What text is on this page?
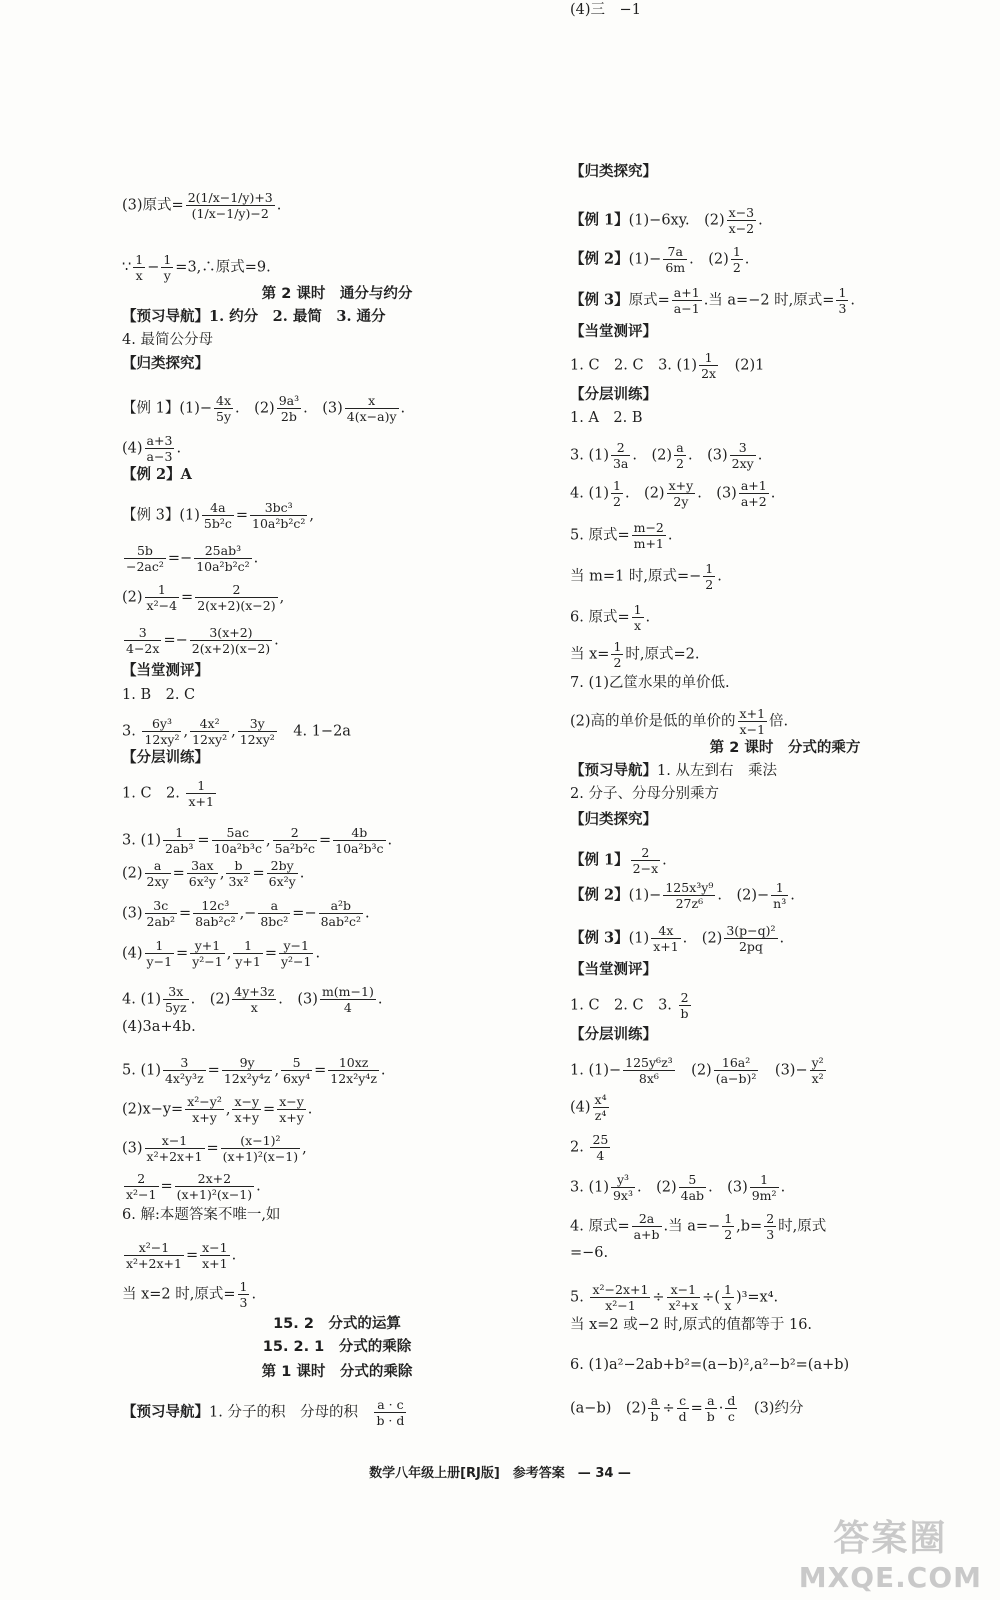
(3)原式= $\frac{2(1/x-1/y)+3}{(1/x-1/y)-2}$ .
∵ $\frac{1}{x} - \frac{1}{y}$ =3,∴原式=9.
第 2 课时　通分与约分
【预习导航】1. 约分　2. 最简　3. 通分
4. 最简公分母
【归类探究】
【例 1】$(1)- \frac{4x}{5y}$ .　$(2) \frac{\text{9a³}}{2b}$ .　$(3) \frac{x}{4(x-a)y}$ .
$(4) \frac{a+3}{a-3}$ .
【例 2】A
【例 3】$(1) \frac{4a}{\text{5b²c}} = \frac{\text{3bc³}}{\text{10a²b²c²}}$ ,
$\frac{5b}{\text{−2ac²}} =- \frac{\text{25ab³}}{\text{10a²b²c²}}$ .
$(2) \frac{1}{\text{x²−4}} = \frac{2}{2(x+2)(x-2)}$ ,
$\frac{3}{4-2x} =- \frac{3(x+2)}{2(x+2)(x-2)}$ .
【当堂测评】
1. B　2. C
3. $\frac{\text{6y³}}{\text{12xy²}}$ , $\frac{\text{4x²}}{\text{12xy²}}$ , $\frac{3y}{\text{12xy²}}$ 　4. 1−2a
【分层训练】
1. C　2. $\frac{1}{x+1}$
3. $(1) \frac{1}{\text{2ab³}} = \frac{5ac}{\text{10a²b³c}}$ , $\frac{2}{\text{5a²b²c}} = \frac{4b}{\text{10a²b³c}}$ .
$(2) \frac{a}{2xy} = \frac{3ax}{\text{6x²y}}$ , $\frac{b}{\text{3x²}} = \frac{2by}{\text{6x²y}}$ .
$(3) \frac{3c}{\text{2ab²}} = \frac{\text{12c³}}{\text{8ab²c²}}$ ,− $\frac{a}{\text{8bc²}} =- \frac{\text{a²b}}{\text{8ab²c²}}$ .
$(4) \frac{1}{y-1} = \frac{y+1}{\text{y²−1}}$ , $\frac{1}{y+1} = \frac{y-1}{\text{y²−1}}$ .
4. $(1) \frac{3x}{5yz}$ .　$(2) \frac{4y+3z}{x}$ .　$(3) \frac{m(m-1)}{4}$ .
(4)3a+4b.
5. $(1) \frac{3}{\text{4x²y³z}} = \frac{9y}{\text{12x²y⁴z}}$ , $\frac{5}{\text{6xy⁴}} = \frac{10xz}{\text{12x²y⁴z}}$ .
$(2)x-y= \frac{\text{x²−y²}}{x+y}$ , $\frac{x-y}{x+y} = \frac{x-y}{x+y}$ .
$(3) \frac{x-1}{\text{x²+2x+1}} = \frac{\text{(x−1)²}}{\text{(x+1)²(x−1)}}$ ,
$\frac{2}{\text{x²−1}} = \frac{2x+2}{\text{(x+1)²(x−1)}}$ .
6. 解:本题答案不唯一,如
$\frac{\text{x²−1}}{\text{x²+2x+1}} = \frac{x-1}{x+1}$ .
当 x=2 时,原式= $\frac{1}{3}$ .
15. 2　分式的运算
15. 2. 1　分式的乘除
第 1 课时　分式的乘除
【预习导航】1. 分子的积　分母的积　 $\frac{a \cdot c}{b \cdot d}$
【归类探究】
【例 1】(1)−6xy.　$(2) \frac{x-3}{x-2}$ .
【例 2】$(1)- \frac{7a}{6m}$ .　$(2) \frac{1}{2}$ .
【例 3】原式= $\frac{a+1}{a-1}$ .当 a=−2 时,原式= $\frac{1}{3}$ .
【当堂测评】
1. C　2. C　3. $(1) \frac{1}{2x}$ 　(2)1
【分层训练】
1. A　2. B
3. $(1) \frac{2}{3a}$ .　$(2) \frac{a}{2}$ .　$(3) \frac{3}{2xy}$ .
4. $(1) \frac{1}{2}$ .　$(2) \frac{x+y}{2y}$ .　$(3) \frac{a+1}{a+2}$ .
5. 原式= $\frac{m-2}{m+1}$ .
当 m=1 时,原式=− $\frac{1}{2}$ .
6. 原式= $\frac{1}{x}$ .
当 $x= \frac{1}{2}$ 时,原式=2.
7. (1)乙筐水果的单价低.
(2)高的单价是低的单价的 $\frac{x+1}{x-1}$ 倍.
第 2 课时　分式的乘方
【预习导航】1. 从左到右　乘法
2. 分子、分母分别乘方
【归类探究】
【例 1】 $\frac{2}{2-x}$ .
【例 2】$(1)- \frac{\text{125x³y⁹}}{\text{27z⁶}}$ .　$(2)- \frac{1}{\text{n³}}$ .
【例 3】$(1) \frac{4x}{x+1}$ .　$(2) \frac{\text{3(p−q)²}}{2pq}$ .
【当堂测评】
1. C　2. C　3. $\frac{2}{b}$
【分层训练】
1. $(1)- \frac{\text{125y⁶z³}}{\text{8x⁶}}$ 　$(2) \frac{\text{16a²}}{\text{(a−b)²}}$ 　$(3)- \frac{\text{y²}}{\text{x²}}$
$(4) \frac{\text{x⁴}}{\text{z⁴}}$
2. $\frac{25}{4}$
3. $(1) \frac{\text{y³}}{\text{9x³}}$ .　$(2) \frac{5}{4ab}$ .　$(3) \frac{1}{\text{9m²}}$ .
4. 原式= $\frac{2a}{a+b}$ .当 $a=- \frac{1}{2} ,b= \frac{2}{3}$ 时,原式
=−6.
5. $\frac{\text{x²−2x+1}}{\text{x²−1}} \div \frac{x-1}{\text{x²+x}}$ ÷( $\frac{1}{x} )^3=x^4$.
当 x=2 或−2 时,原式的值都等于 16.
6. (1)a²−2ab+b²=(a−b)²,a²−b²=(a+b)
(a−b)　$(2) \frac{a}{b} \div \frac{c}{d} = \frac{a}{b} \cdot \frac{d}{c}$ 　(3)约分
(4)三　−1
数学八年级上册[RJ版]　参考答案　— 34 —
答案圈
MXQE.COM
